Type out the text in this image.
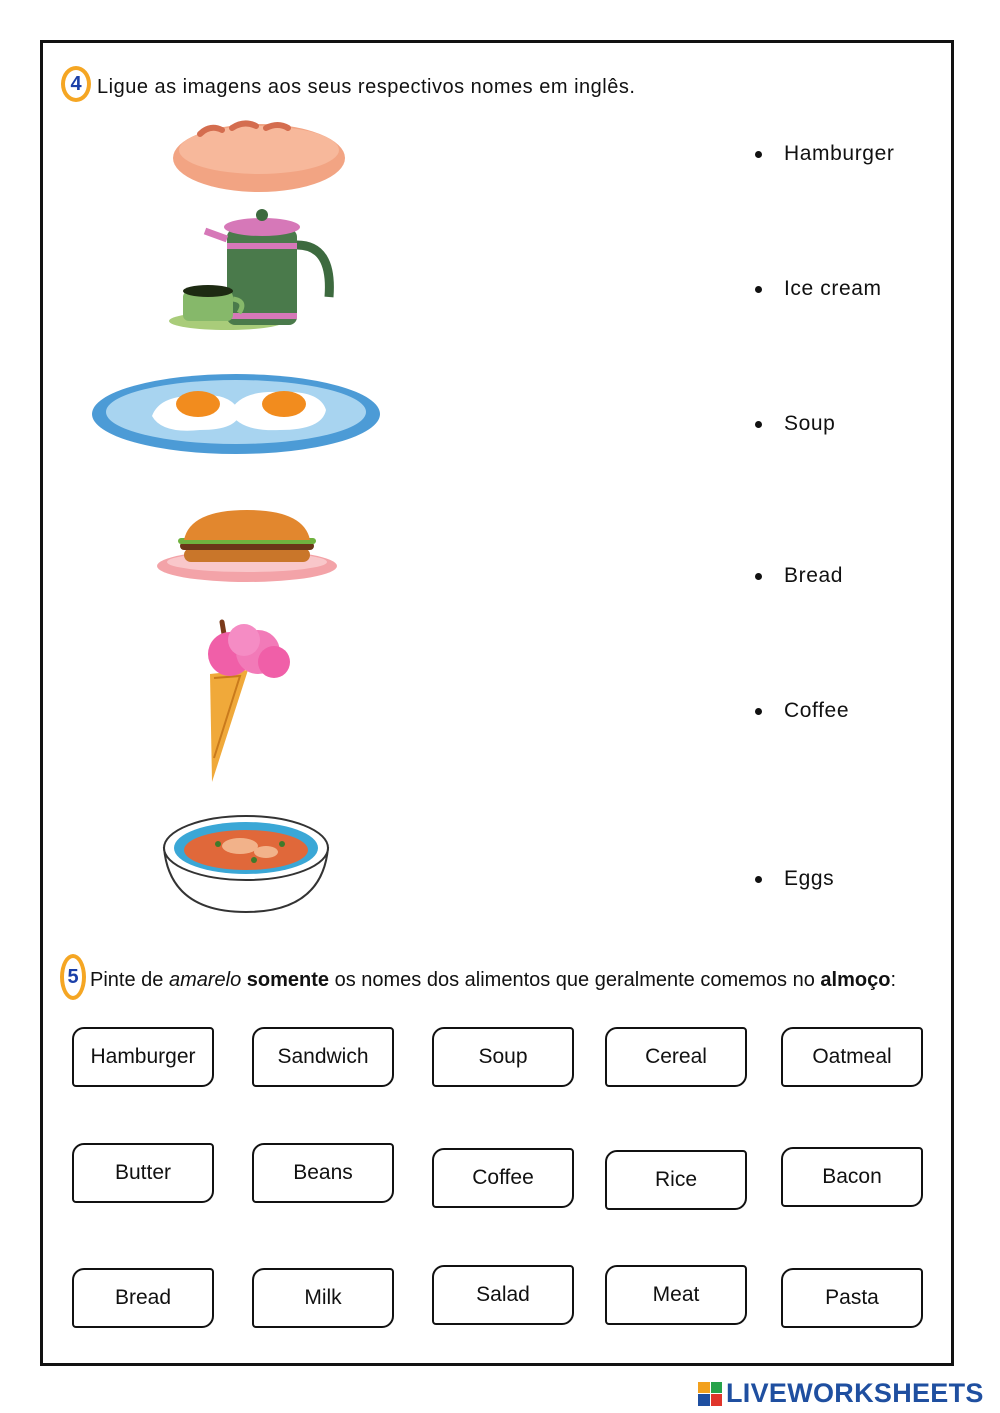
4 Ligue as imagens aos seus respectivos nomes em inglês.
Hamburger
Ice cream
Soup
Bread
Coffee
Eggs
5 Pinte de amarelo somente os nomes dos alimentos que geralmente comemos no almoço:
Hamburger	Sandwich	Soup	Cereal	Oatmeal
Butter	Beans	Coffee	Rice	Bacon
Bread	Milk	Salad	Meat	Pasta
LIVEWORKSHEETS
